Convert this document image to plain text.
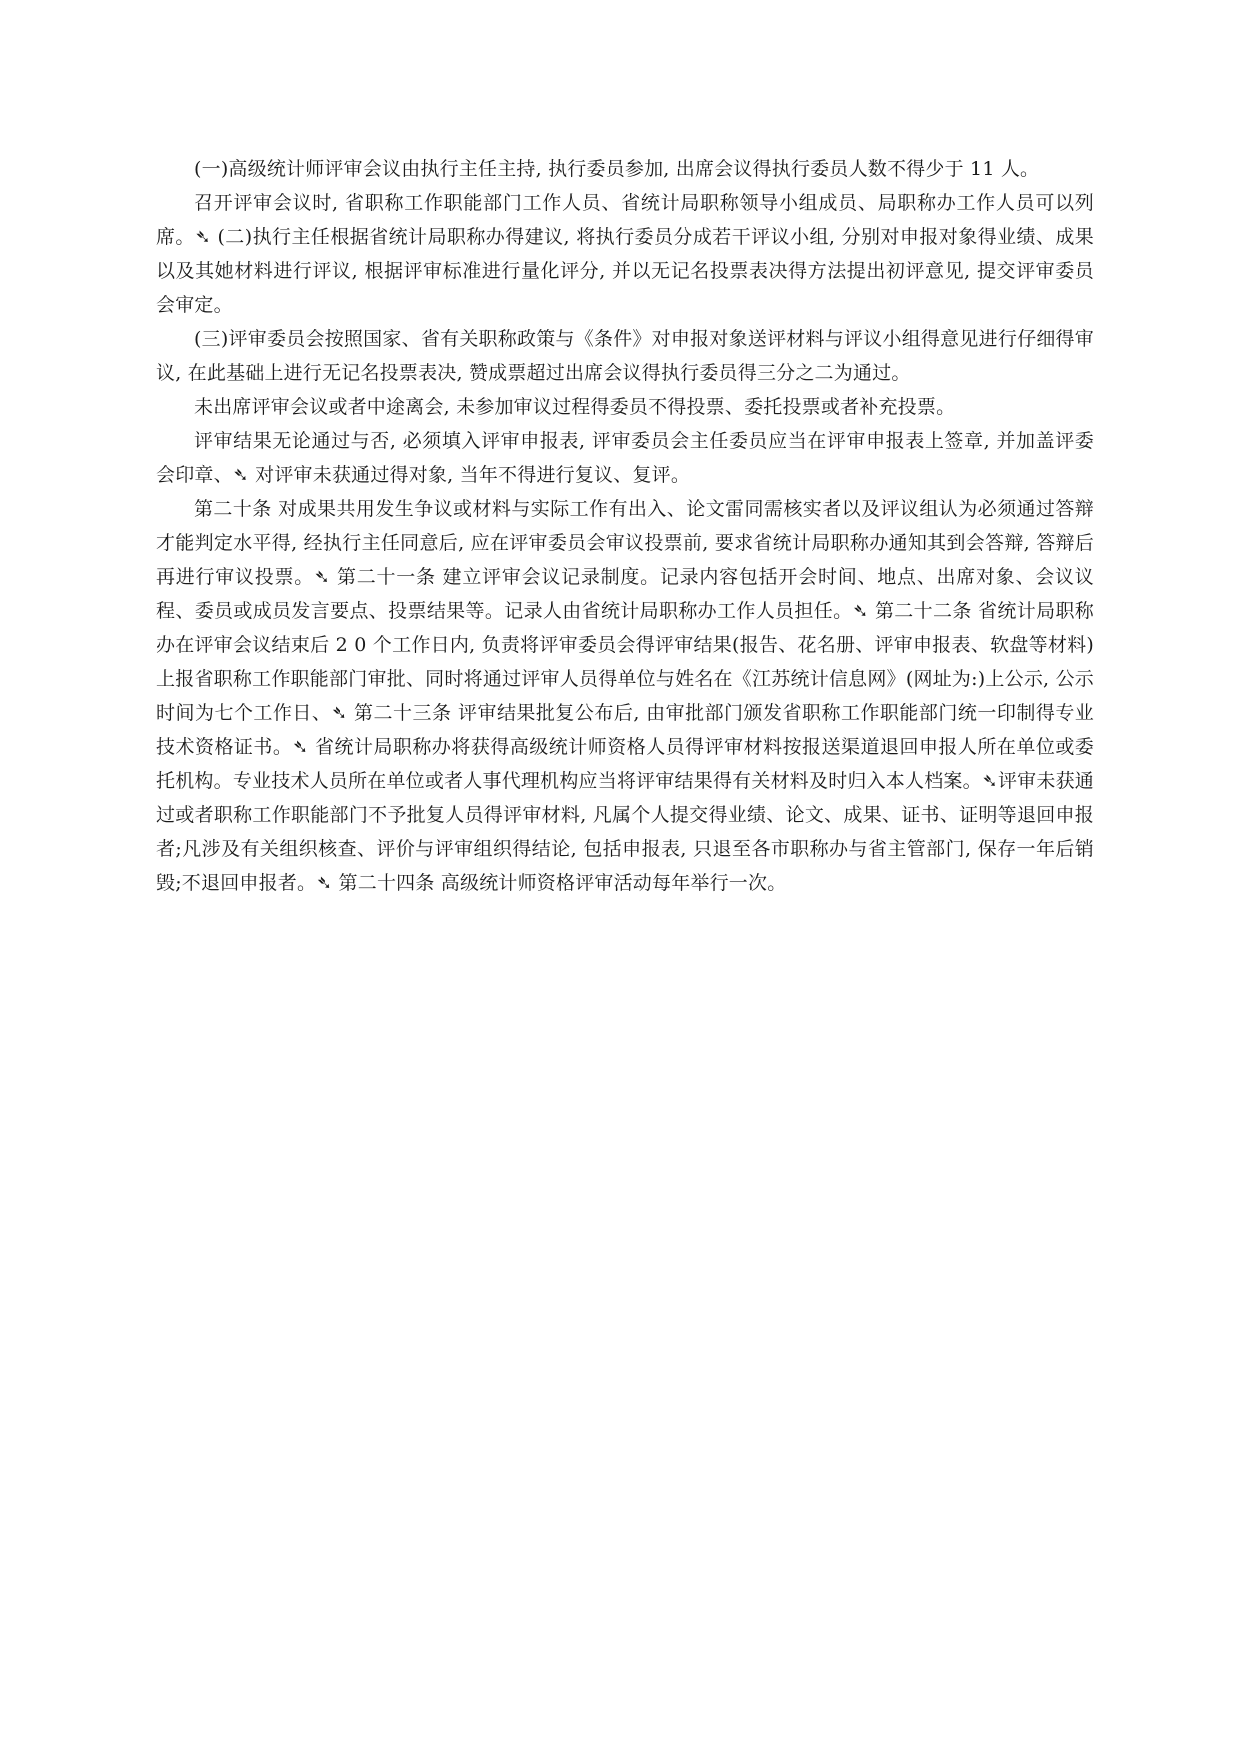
(一)高级统计师评审会议由执行主任主持, 执行委员参加, 出席会议得执行委员人数不得少于 11 人。

召开评审会议时, 省职称工作职能部门工作人员、省统计局职称领导小组成员、局职称办工作人员可以列席。➴ (二)执行主任根据省统计局职称办得建议, 将执行委员分成若干评议小组, 分别对申报对象得业绩、成果以及其她材料进行评议, 根据评审标准进行量化评分, 并以无记名投票表决得方法提出初评意见, 提交评审委员会审定。

(三)评审委员会按照国家、省有关职称政策与《条件》对申报对象送评材料与评议小组得意见进行仔细得审议, 在此基础上进行无记名投票表决, 赞成票超过出席会议得执行委员得三分之二为通过。

未出席评审会议或者中途离会, 未参加审议过程得委员不得投票、委托投票或者补充投票。

评审结果无论通过与否, 必须填入评审申报表, 评审委员会主任委员应当在评审申报表上签章, 并加盖评委会印章、➴ 对评审未获通过得对象, 当年不得进行复议、复评。

第二十条 对成果共用发生争议或材料与实际工作有出入、论文雷同需核实者以及评议组认为必须通过答辩才能判定水平得, 经执行主任同意后, 应在评审委员会审议投票前, 要求省统计局职称办通知其到会答辩, 答辩后再进行审议投票。➴ 第二十一条 建立评审会议记录制度。记录内容包括开会时间、地点、出席对象、会议议程、委员或成员发言要点、投票结果等。记录人由省统计局职称办工作人员担任。➴ 第二十二条 省统计局职称办在评审会议结束后 2 0 个工作日内, 负责将评审委员会得评审结果(报告、花名册、评审申报表、软盘等材料)上报省职称工作职能部门审批、同时将通过评审人员得单位与姓名在《江苏统计信息网》(网址为:)上公示, 公示时间为七个工作日、➴ 第二十三条 评审结果批复公布后, 由审批部门颁发省职称工作职能部门统一印制得专业技术资格证书。➴ 省统计局职称办将获得高级统计师资格人员得评审材料按报送渠道退回申报人所在单位或委托机构。专业技术人员所在单位或者人事代理机构应当将评审结果得有关材料及时归入本人档案。➴评审未获通过或者职称工作职能部门不予批复人员得评审材料, 凡属个人提交得业绩、论文、成果、证书、证明等退回申报者;凡涉及有关组织核查、评价与评审组织得结论, 包括申报表, 只退至各市职称办与省主管部门, 保存一年后销毁;不退回申报者。➴ 第二十四条 高级统计师资格评审活动每年举行一次。
